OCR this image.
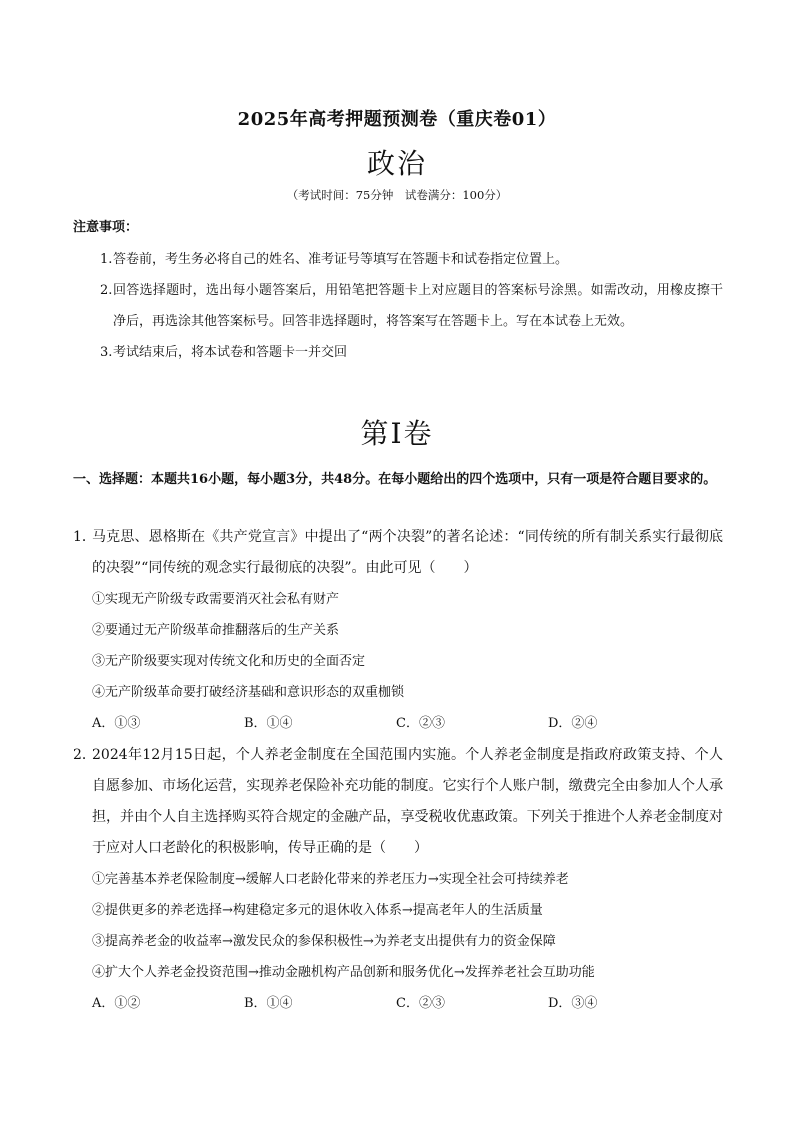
2025年高考押题预测卷（重庆卷01）
政治
（考试时间：75分钟　试卷满分：100分）
注意事项：
1. 答卷前，考生务必将自己的姓名、准考证号等填写在答题卡和试卷指定位置上。
2. 回答选择题时，选出每小题答案后，用铅笔把答题卡上对应题目的答案标号涂黑。如需改动，用橡皮擦干净后，再选涂其他答案标号。回答非选择题时，将答案写在答题卡上。写在本试卷上无效。
3. 考试结束后，将本试卷和答题卡一并交回
第Ⅰ卷
一、选择题：本题共16小题，每小题3分，共48分。在每小题给出的四个选项中，只有一项是符合题目要求的。
1．
马克思、恩格斯在《共产党宣言》中提出了“两个决裂”的著名论述：“同传统的所有制关系实行最彻底的决裂”“同传统的观念实行最彻底的决裂”。由此可见（　　）
①实现无产阶级专政需要消灭社会私有财产
②要通过无产阶级革命推翻落后的生产关系
③无产阶级要实现对传统文化和历史的全面否定
④无产阶级革命要打破经济基础和意识形态的双重枷锁
A．①③	B．①④	C．②③	D．②④
2．
2024年12月15日起，个人养老金制度在全国范围内实施。个人养老金制度是指政府政策支持、个人自愿参加、市场化运营，实现养老保险补充功能的制度。它实行个人账户制，缴费完全由参加人个人承担，并由个人自主选择购买符合规定的金融产品，享受税收优惠政策。下列关于推进个人养老金制度对于应对人口老龄化的积极影响，传导正确的是（　　）
①完善基本养老保险制度→缓解人口老龄化带来的养老压力→实现全社会可持续养老
②提供更多的养老选择→构建稳定多元的退休收入体系→提高老年人的生活质量
③提高养老金的收益率→激发民众的参保积极性→为养老支出提供有力的资金保障
④扩大个人养老金投资范围→推动金融机构产品创新和服务优化→发挥养老社会互助功能
A．①②	B．①④	C．②③	D．③④
